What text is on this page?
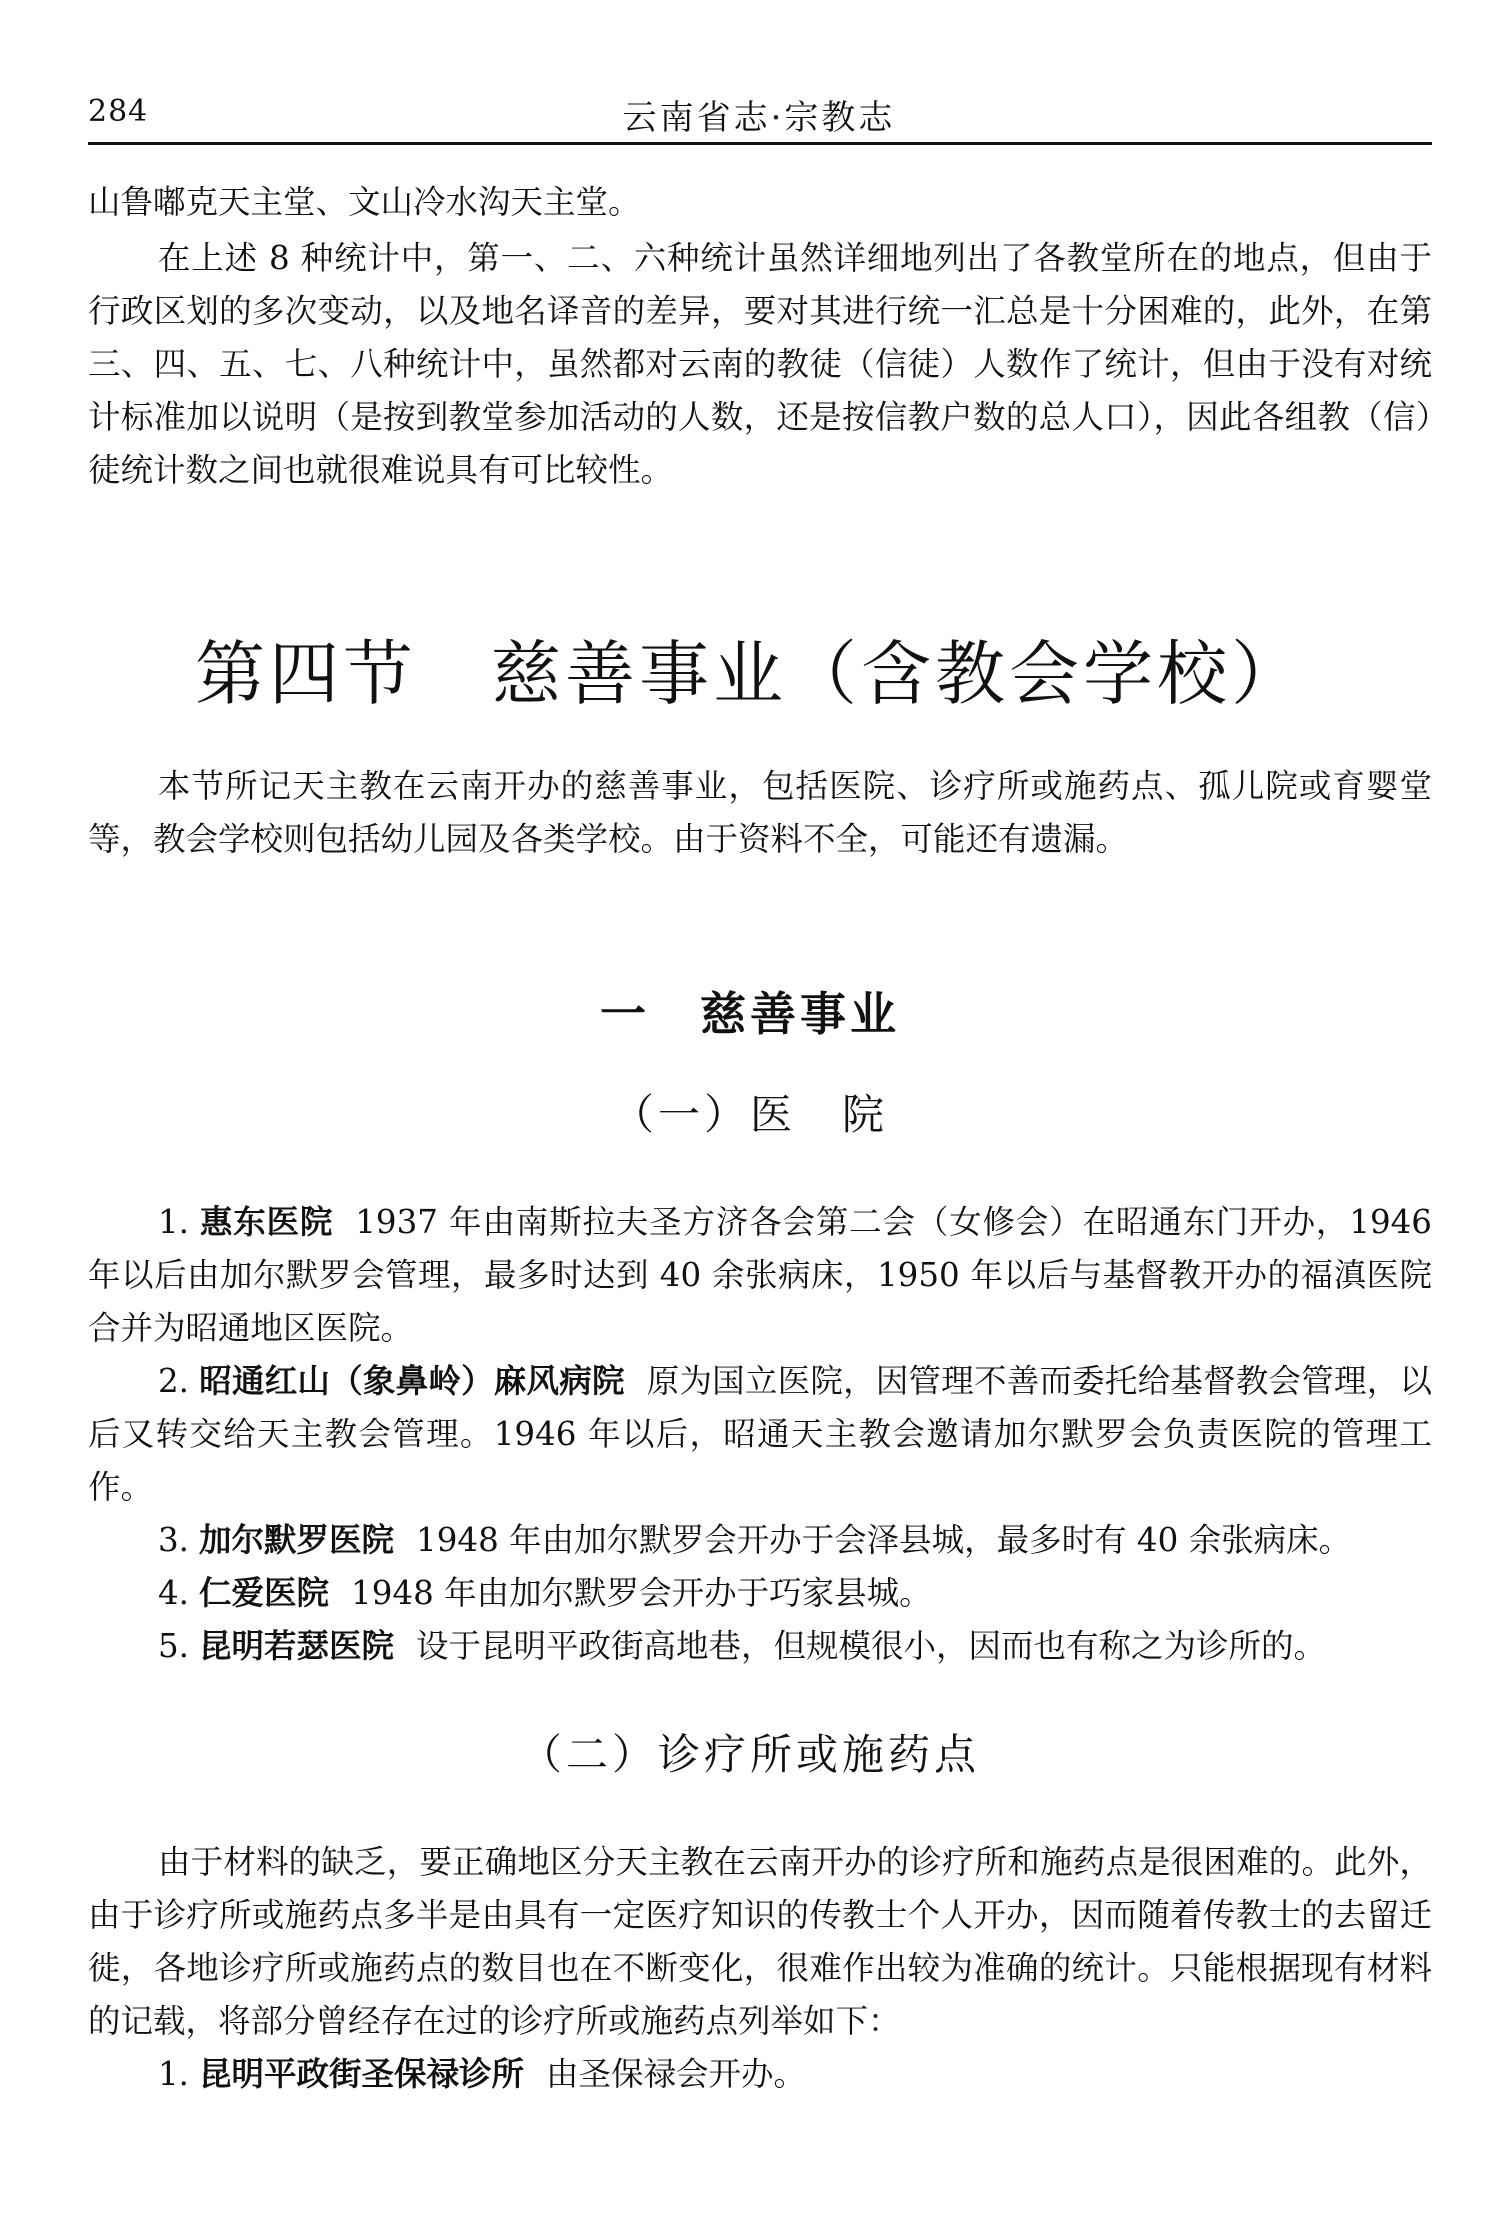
284	云南省志·宗教志

山鲁嘟克天主堂、文山冷水沟天主堂。

在上述 8 种统计中，第一、二、六种统计虽然详细地列出了各教堂所在的地点，但由于行政区划的多次变动，以及地名译音的差异，要对其进行统一汇总是十分困难的，此外，在第三、四、五、七、八种统计中，虽然都对云南的教徒（信徒）人数作了统计，但由于没有对统计标准加以说明（是按到教堂参加活动的人数，还是按信教户数的总人口），因此各组教（信）徒统计数之间也就很难说具有可比较性。

第四节　慈善事业（含教会学校）

本节所记天主教在云南开办的慈善事业，包括医院、诊疗所或施药点、孤儿院或育婴堂等，教会学校则包括幼儿园及各类学校。由于资料不全，可能还有遗漏。

一　慈善事业
（一）医　院

1. 惠东医院 1937 年由南斯拉夫圣方济各会第二会（女修会）在昭通东门开办，1946 年以后由加尔默罗会管理，最多时达到 40 余张病床，1950 年以后与基督教开办的福滇医院合并为昭通地区医院。

2. 昭通红山（象鼻岭）麻风病院 原为国立医院，因管理不善而委托给基督教会管理，以后又转交给天主教会管理。1946 年以后，昭通天主教会邀请加尔默罗会负责医院的管理工作。

3. 加尔默罗医院 1948 年由加尔默罗会开办于会泽县城，最多时有 40 余张病床。

4. 仁爱医院 1948 年由加尔默罗会开办于巧家县城。

5. 昆明若瑟医院 设于昆明平政街高地巷，但规模很小，因而也有称之为诊所的。

（二）诊疗所或施药点

由于材料的缺乏，要正确地区分天主教在云南开办的诊疗所和施药点是很困难的。此外，由于诊疗所或施药点多半是由具有一定医疗知识的传教士个人开办，因而随着传教士的去留迁徙，各地诊疗所或施药点的数目也在不断变化，很难作出较为准确的统计。只能根据现有材料的记载，将部分曾经存在过的诊疗所或施药点列举如下：

1. 昆明平政街圣保禄诊所 由圣保禄会开办。
